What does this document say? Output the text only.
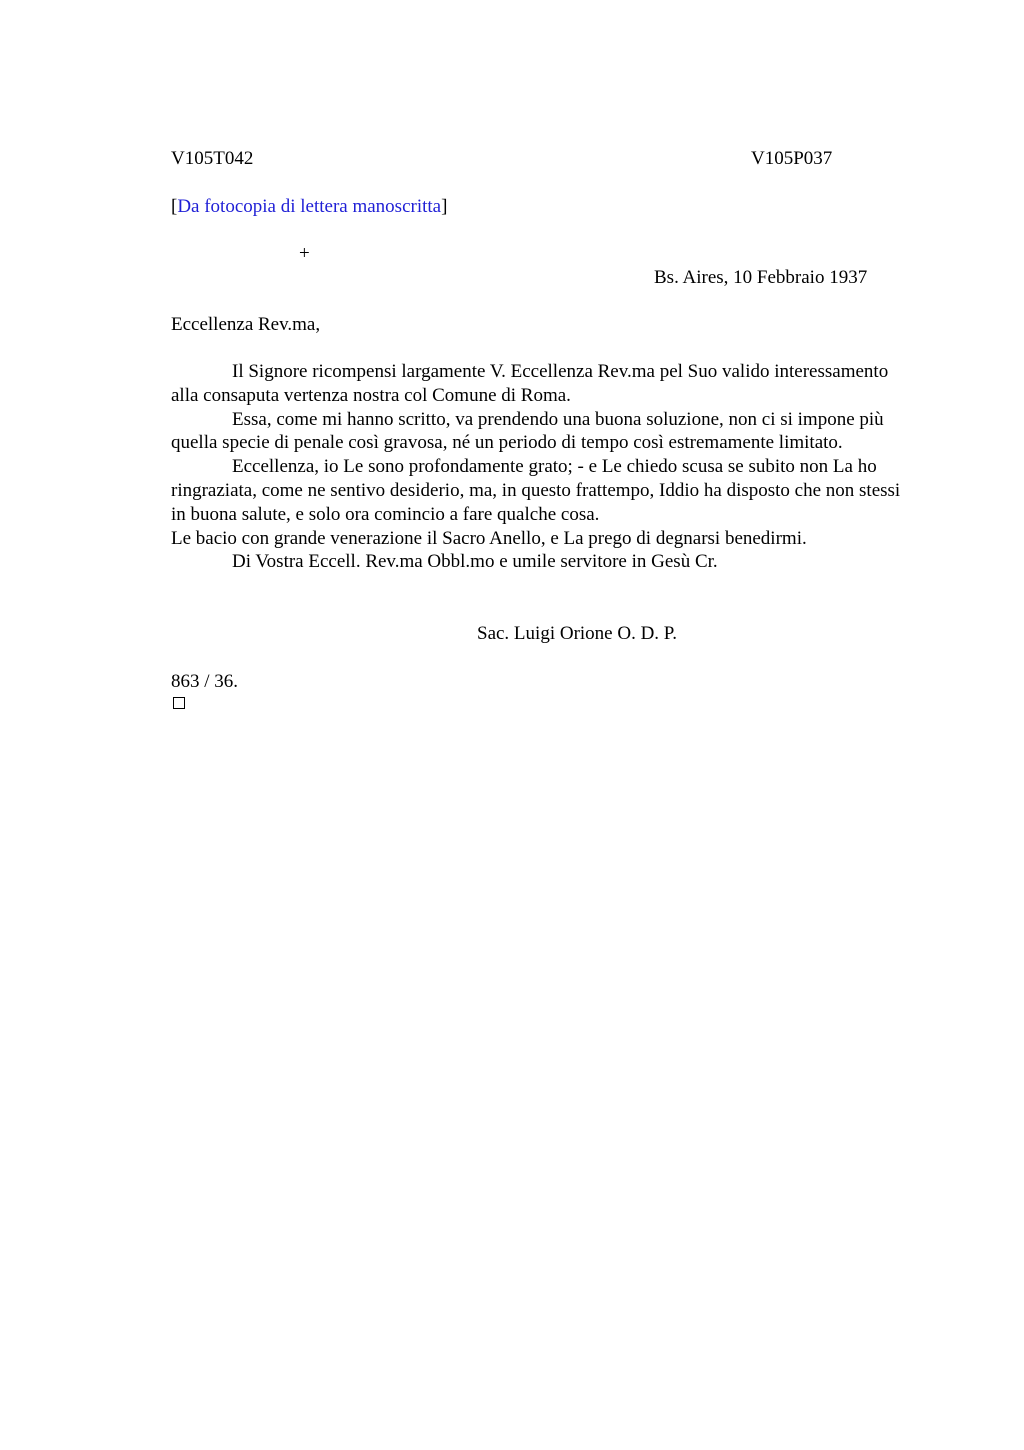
V105T042	V105P037
[Da fotocopia di lettera manoscritta]
+
Bs. Aires, 10 Febbraio 1937
Eccellenza Rev.ma,

Il Signore ricompensi largamente V. Eccellenza Rev.ma pel Suo valido interessamento alla consaputa vertenza nostra col Comune di Roma.

Essa, come mi hanno scritto, va prendendo una buona soluzione, non ci si impone più quella specie di penale così gravosa, né un periodo di tempo così estremamente limitato.

Eccellenza, io Le sono profondamente grato; - e Le chiedo scusa se subito non La ho ringraziata, come ne sentivo desiderio, ma, in questo frattempo, Iddio ha disposto che non stessi in buona salute, e solo ora comincio a fare qualche cosa.

Le bacio con grande venerazione il Sacro Anello, e La prego di degnarsi benedirmi.

Di Vostra Eccell. Rev.ma Obbl.mo e umile servitore in Gesù Cr.

Sac. Luigi Orione O. D. P.
863 / 36.
